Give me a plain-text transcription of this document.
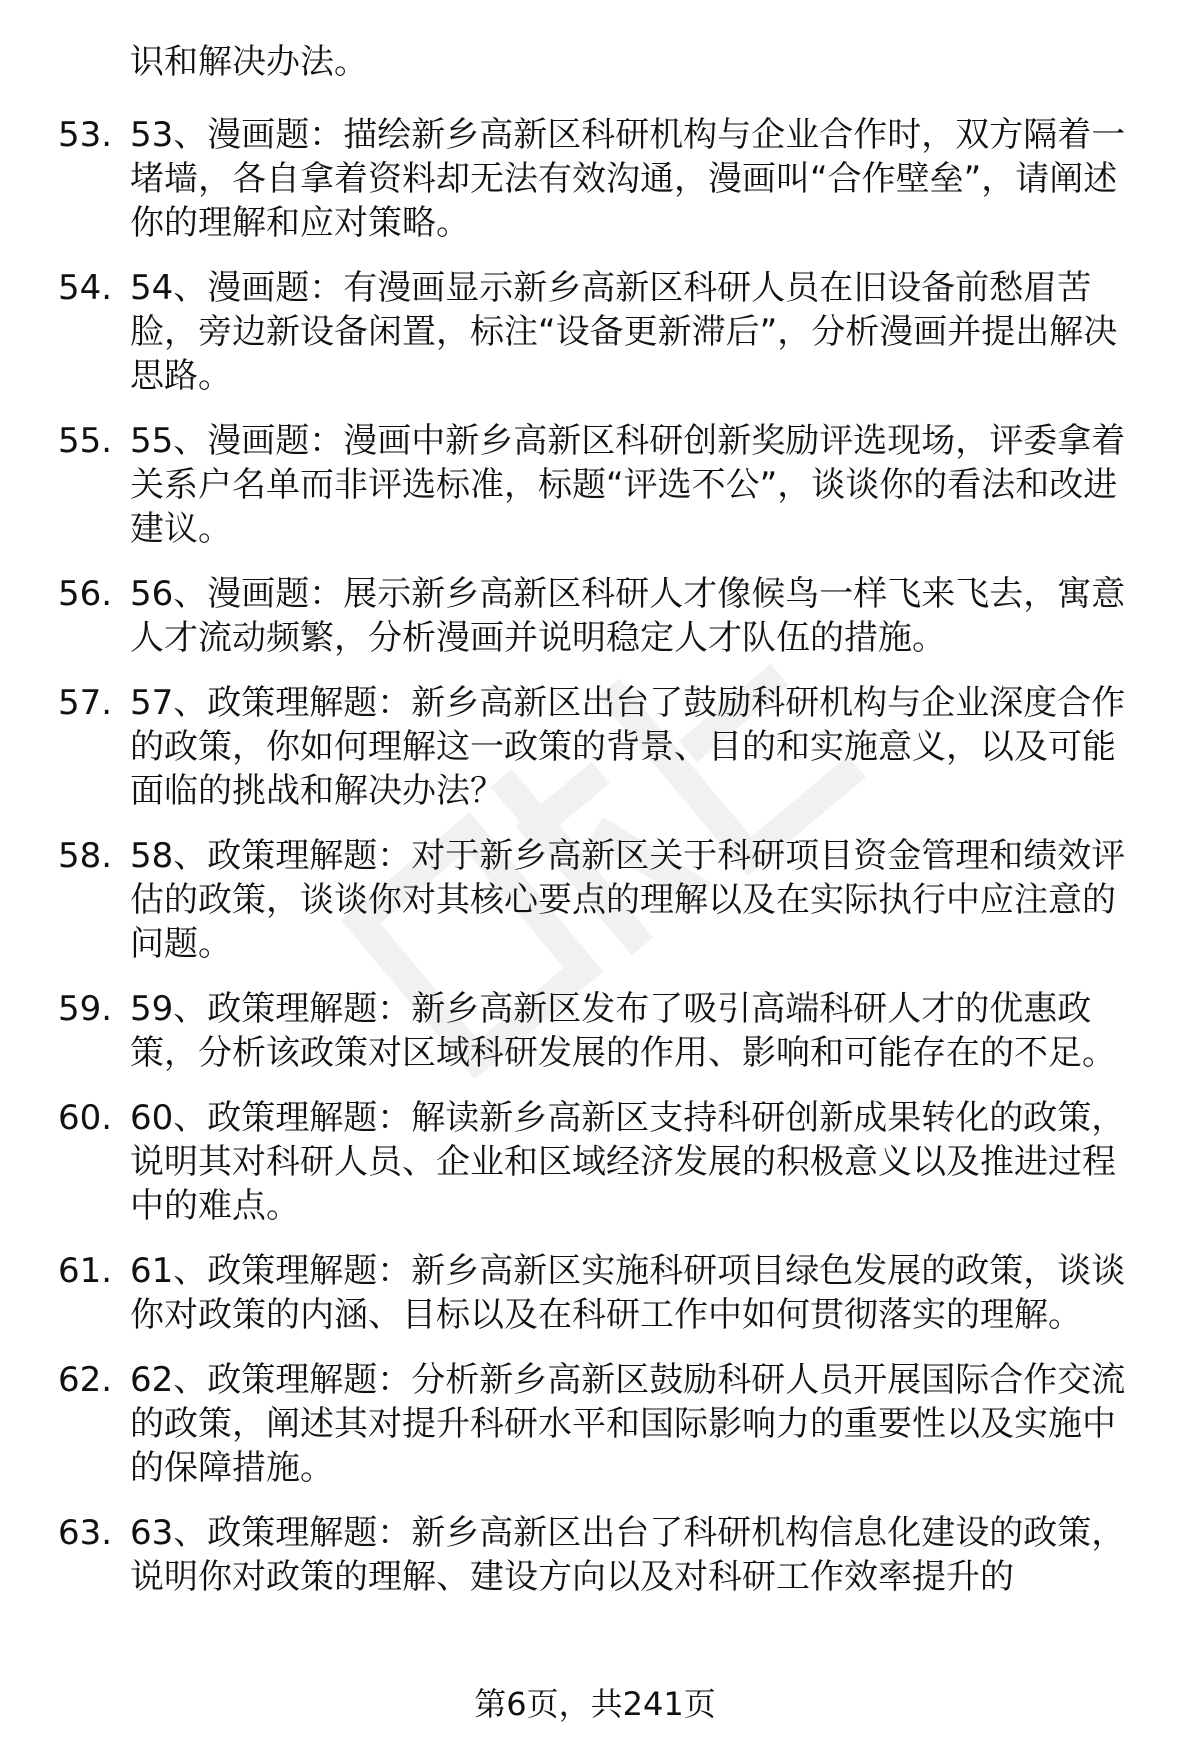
识和解决办法。

53. 53、漫画题：描绘新乡高新区科研机构与企业合作时，双方隔着一堵墙，各自拿着资料却无法有效沟通，漫画叫“合作壁垒”，请阐述你的理解和应对策略。
54. 54、漫画题：有漫画显示新乡高新区科研人员在旧设备前愁眉苦脸，旁边新设备闲置，标注“设备更新滞后”，分析漫画并提出解决思路。
55. 55、漫画题：漫画中新乡高新区科研创新奖励评选现场，评委拿着关系户名单而非评选标准，标题“评选不公”，谈谈你的看法和改进建议。
56. 56、漫画题：展示新乡高新区科研人才像候鸟一样飞来飞去，寓意人才流动频繁，分析漫画并说明稳定人才队伍的措施。
57. 57、政策理解题：新乡高新区出台了鼓励科研机构与企业深度合作的政策，你如何理解这一政策的背景、目的和实施意义，以及可能面临的挑战和解决办法？
58. 58、政策理解题：对于新乡高新区关于科研项目资金管理和绩效评估的政策，谈谈你对其核心要点的理解以及在实际执行中应注意的问题。
59. 59、政策理解题：新乡高新区发布了吸引高端科研人才的优惠政策，分析该政策对区域科研发展的作用、影响和可能存在的不足。
60. 60、政策理解题：解读新乡高新区支持科研创新成果转化的政策，说明其对科研人员、企业和区域经济发展的积极意义以及推进过程中的难点。
61. 61、政策理解题：新乡高新区实施科研项目绿色发展的政策，谈谈你对政策的内涵、目标以及在科研工作中如何贯彻落实的理解。
62. 62、政策理解题：分析新乡高新区鼓励科研人员开展国际合作交流的政策，阐述其对提升科研水平和国际影响力的重要性以及实施中的保障措施。
63. 63、政策理解题：新乡高新区出台了科研机构信息化建设的政策，说明你对政策的理解、建设方向以及对科研工作效率提升的
第6页，共241页
